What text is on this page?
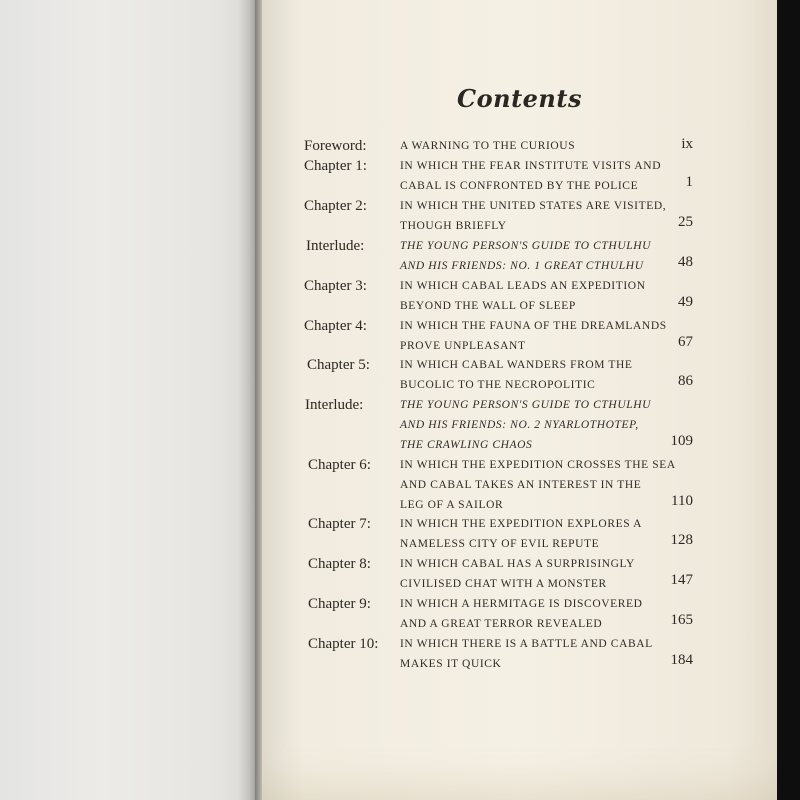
Contents
Foreword:	A WARNING TO THE CURIOUS	ix
Chapter 1:	IN WHICH THE FEAR INSTITUTE VISITS AND
CABAL IS CONFRONTED BY THE POLICE	1
Chapter 2:	IN WHICH THE UNITED STATES ARE VISITED,
THOUGH BRIEFLY	25
Interlude:	THE YOUNG PERSON'S GUIDE TO CTHULHU
AND HIS FRIENDS: NO. 1 GREAT CTHULHU 48
Chapter 3:	IN WHICH CABAL LEADS AN EXPEDITION
BEYOND THE WALL OF SLEEP	49
Chapter 4:	IN WHICH THE FAUNA OF THE DREAMLANDS
PROVE UNPLEASANT	67
Chapter 5:	IN WHICH CABAL WANDERS FROM THE
BUCOLIC TO THE NECROPOLITIC	86
Interlude:	THE YOUNG PERSON'S GUIDE TO CTHULHU
AND HIS FRIENDS: NO. 2 NYARLOTHOTEP,
THE CRAWLING CHAOS	109
Chapter 6:	IN WHICH THE EXPEDITION CROSSES THE SEA
AND CABAL TAKES AN INTEREST IN THE
LEG OF A SAILOR	110
Chapter 7:	IN WHICH THE EXPEDITION EXPLORES A
NAMELESS CITY OF EVIL REPUTE	128
Chapter 8:	IN WHICH CABAL HAS A SURPRISINGLY
CIVILISED CHAT WITH A MONSTER	147
Chapter 9:	IN WHICH A HERMITAGE IS DISCOVERED
AND A GREAT TERROR REVEALED	165
Chapter 10: IN WHICH THERE IS A BATTLE AND CABAL
MAKES IT QUICK	184
